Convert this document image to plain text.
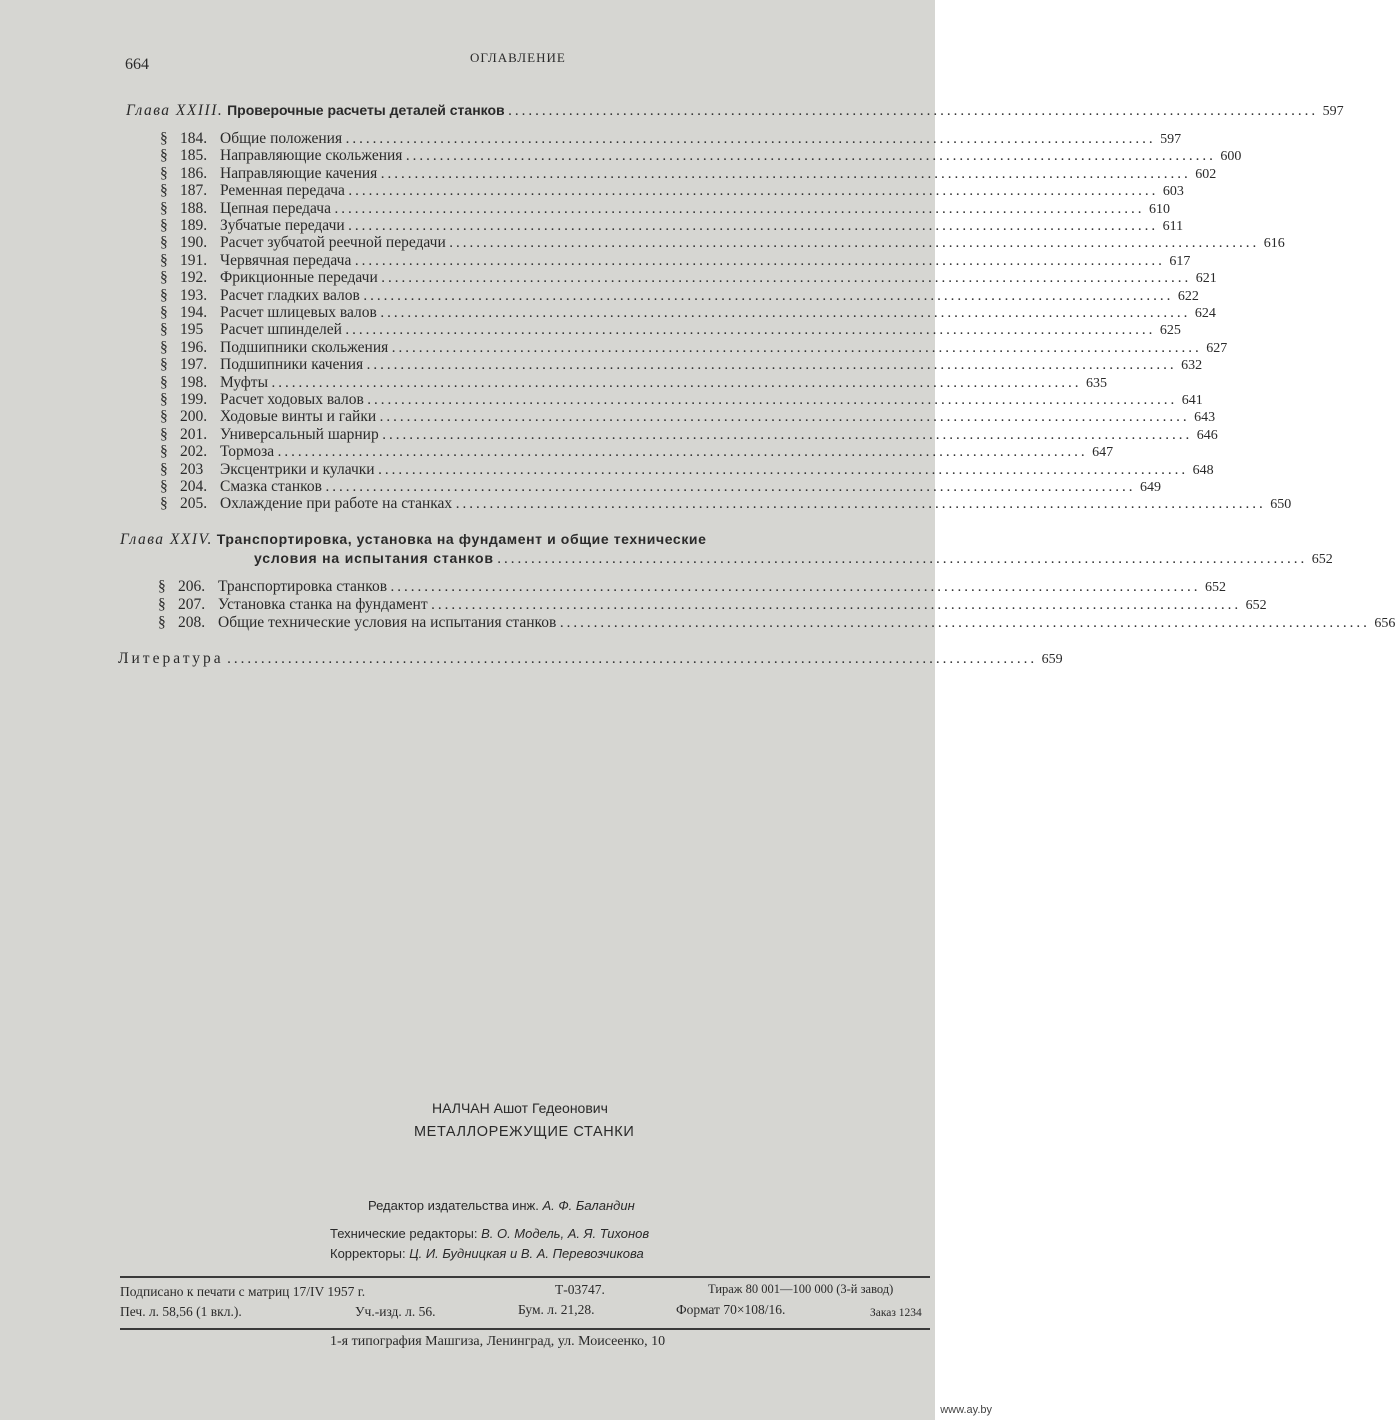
664	ОГЛАВЛЕНИЕ
Глава XXIII. Проверочные расчеты деталей станков ........................................................................................................................ 597
§ 184. Общие положения ........................................................................................................................ 597
§ 185. Направляющие скольжения ........................................................................................................................ 600
§ 186. Направляющие качения ........................................................................................................................ 602
§ 187. Ременная передача ........................................................................................................................ 603
§ 188. Цепная передача ........................................................................................................................ 610
§ 189. Зубчатые передачи ........................................................................................................................ 611
§ 190. Расчет зубчатой реечной передачи ........................................................................................................................ 616
§ 191. Червячная передача ........................................................................................................................ 617
§ 192. Фрикционные передачи ........................................................................................................................ 621
§ 193. Расчет гладких валов ........................................................................................................................ 622
§ 194. Расчет шлицевых валов ........................................................................................................................ 624
§ 195 Расчет шпинделей ........................................................................................................................ 625
§ 196. Подшипники скольжения ........................................................................................................................ 627
§ 197. Подшипники качения ........................................................................................................................ 632
§ 198. Муфты ........................................................................................................................ 635
§ 199. Расчет ходовых валов ........................................................................................................................ 641
§ 200. Ходовые винты и гайки ........................................................................................................................ 643
§ 201. Универсальный шарнир ........................................................................................................................ 646
§ 202. Тормоза ........................................................................................................................ 647
§ 203 Эксцентрики и кулачки ........................................................................................................................ 648
§ 204. Смазка станков ........................................................................................................................ 649
§ 205. Охлаждение при работе на станках ........................................................................................................................ 650
Глава XXIV. Транспортировка, установка на фундамент и общие технические
условия на испытания станков ........................................................................................................................ 652
§ 206. Транспортировка станков ........................................................................................................................ 652
§ 207. Установка станка на фундамент ........................................................................................................................ 652
§ 208. Общие технические условия на испытания станков ........................................................................................................................ 656
Литература ........................................................................................................................ 659
НАЛЧАН Ашот Гедеонович
МЕТАЛЛОРЕЖУЩИЕ СТАНКИ
Редактор издательства инж. А. Ф. Баландин
Технические редакторы: В. О. Модель, А. Я. Тихонов
Корректоры: Ц. И. Будницкая и В. А. Перевозчикова
Подписано к печати с матриц 17/IV 1957 г.	Т-03747.	Тираж 80 001—100 000 (3-й завод)
Печ. л. 58,56 (1 вкл.).	Уч.-изд. л. 56.	Бум. л. 21,28.	Формат 70×108/16.	Заказ 1234
1-я типография Машгиза, Ленинград, ул. Моисеенко, 10
www.ay.by
